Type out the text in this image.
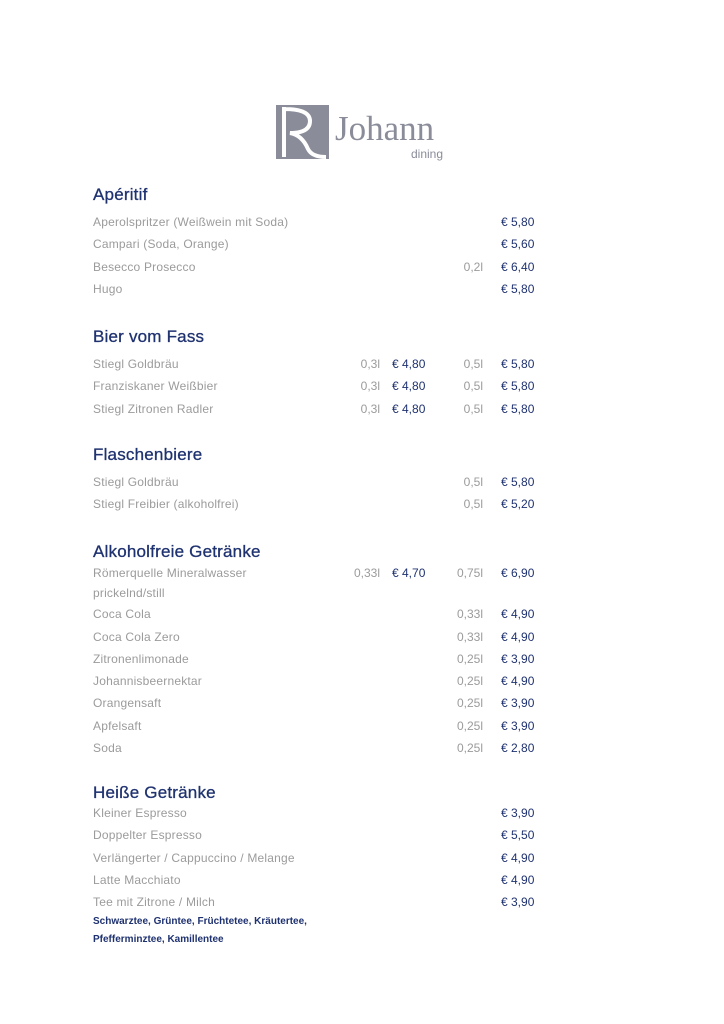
Johann
dining
Apéritif
Aperolspritzer (Weißwein mit Soda)	€ 5,80
Campari (Soda, Orange)	€ 5,60
Besecco Prosecco	0,2l € 6,40
Hugo	€ 5,80
Bier vom Fass
Stiegl Goldbräu	0,3l € 4,80	0,5l € 5,80
Franziskaner Weißbier	0,3l € 4,80	0,5l € 5,80
Stiegl Zitronen Radler	0,3l € 4,80	0,5l € 5,80
Flaschenbiere
Stiegl Goldbräu	0,5l € 5,80
Stiegl Freibier (alkoholfrei)	0,5l € 5,20
Alkoholfreie Getränke
Römerquelle Mineralwasser	0,33l € 4,70	0,75l € 6,90
prickelnd/still
Coca Cola	0,33l € 4,90
Coca Cola Zero	0,33l € 4,90
Zitronenlimonade	0,25l € 3,90
Johannisbeernektar	0,25l € 4,90
Orangensaft	0,25l € 3,90
Apfelsaft	0,25l € 3,90
Soda	0,25l € 2,80
Heiße Getränke
Kleiner Espresso	€ 3,90
Doppelter Espresso	€ 5,50
Verlängerter / Cappuccino / Melange	€ 4,90
Latte Macchiato	€ 4,90
Tee mit Zitrone / Milch	€ 3,90
Schwarztee, Grüntee, Früchtetee, Kräutertee,
Pfefferminztee, Kamillentee
